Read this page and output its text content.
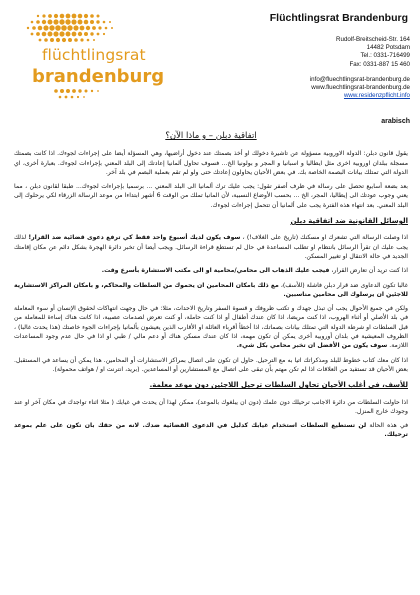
flüchtlingsrat
brandenburg
Flüchtlingsrat Brandenburg
Rudolf-Breitscheid-Str. 164
14482 Potsdam
Tel.: 0331-716499
Fax: 0331-887 15 460
info@fluechtlingsrat-brandenburg.de
www.fluechtlingsrat-brandenburg.de
www.residenzpflicht.info
arabisch
اتفاقية دبلن – و ماذا الآن؟

يقول قانون دبلن: الدولة الاوروبية مسؤولة عن تاشيرة دخولك او أخذ بصمتك عند دخول أراضيها، وهي المسؤلة أيضا على إجراءات لجوءك. اذا كانت بصمتك مسجلة ببلدان اوروبية اخرى مثل ايطاليا و اسبانيا و المجر و بولونيا الخ... فسوف تحاول ألمانيا إعادتك إلى البلد المعني بإجراءات لجوءك. بعبارة أخرى، اي الدولة التي تمتلك بيانات البصمة الخاصة بك. في بعض الأحيان يحاولون إعادتك حتى ولو لم تقم بعملية البصم في بلد آخر.

بعد بضعة أسابيع تحصل على رسالة في ظرف أصفر تقول: يجب عليك ترك ألمانيا الى البلد المعني ... برسميا بإجراءات لجوءك... طبقا لقانون دبلن ، مما يعني وجوب عودتك الى إيطاليا، المجر، الخ ... بحسب الأوضاع النسبية، لأن المانيا تملك من الوقت 6 أشهر ابتداءا من موعد الرسالة الزرقاء لكي يرحلوك إلى البلد المعني. بعد انتهاء هذه الفترة يجب على ألمانيا أن تتحمل إجراءات لجوءك.

الوسائل القانونية ضد اتفاقية دبلن

اذا وصلت الرسالة التي تشعرك او مسكنك (تاريخ على الغلاف!) ، سوف يكون لديك أسبوع واحد فقط كي ترفع دعوى قضائية ضد القرار! لذلك يجب عليك ان تقرأ الرسائل بانتظام او تطلب المساعدة في حال لم تستطع قراءة الرسائل. ويجب أيضا أن تخبر دائرة الهجرة بشكل دائم عن مكان إقامتك الجديد في حالة الانتقال او تغيير المسكن.

اذا كنت تريد أن تعارض القرار، فيجب عليك الذهاب الى محامي/محامية او الى مكتب الاستشارة بأسرع وقت.

غالبا تكون الدعاوى ضد قرار دبلن فاشلة (للأسف)، مع ذلك بامكان المحامين ان يحموك من السلطات والمحاكم، و بامكان المراكز الاستشارية للاجئين ان يرسلوك الى محامين مناسبين.

ولكن في جميع الأحوال يجب أن تبذل جهدك و تكتب ظروفك و قسوة السفر وتاريخ الاحداث، مثلا: في حال وجهت انتهاكات لحقوق الإنسان أو سوء المعاملة في بلد الأصلي أو أثناء الهروب، اذا كنت مريضا، اذا كان عندك أطفال أو اذا كنت حاملة، أو كنت تعرض لصدمات عصبية، اذا كانت هناك إساءة للمعاملة من قبل السلطات او شرطة الدولة التي تمتلك بيانات بصماتك، اذا أخطأ أقرباء العائلة او الأقارب الذين يعيشون بألمانيا بإجراءات الجوء خاصتك (هذا يحدث غالبا) ، الظروف المعيشية في بلدان أوروبية أخرى يمكن أن تكون مهمة، اذا كان عندك مسكن هناك أو دعم مالي / طبي او اذا في حال عدم وجود المساعدات اللازمة. سوف يكون من الأفضل ان تخبر محامي بكل شيء.

اذا كان معك كتاب خطوط للبلد ومذكراتك اتيا به مع الترحيل. حاول ان تكون على اتصال بمراكز الاستشارات أو المحامين. هذا يمكن أن يساعد في المستقبل. بعض الأحيان قد تستفيد من العلاقات اذا لم تكن مهتم بأن تبقى على اتصال مع المستشارين أو المساعدين. (بريد، انترنت او / هواتف محمولة).

للأسف، في أغلب الأحيان تحاول السلطات ترحيل اللاجئين دون موعد معلمة.

اذا حاولت السلطات من دائرة الاجانب ترحيلك دون علمك (دون ان يبلغوك بالموعد)، ممكن لهذا أن يحدث في غيابك ( مثلا اثناء تواجدك في مكان آخر او عند وجودك خارج المنزل.

في هذه الحالة لن تستطيع السلطات استخدام غيابك كدليل في الدعوى القضائية ضدك. لانه من حقك بان تكون على علم بموعد ترحيلك.
